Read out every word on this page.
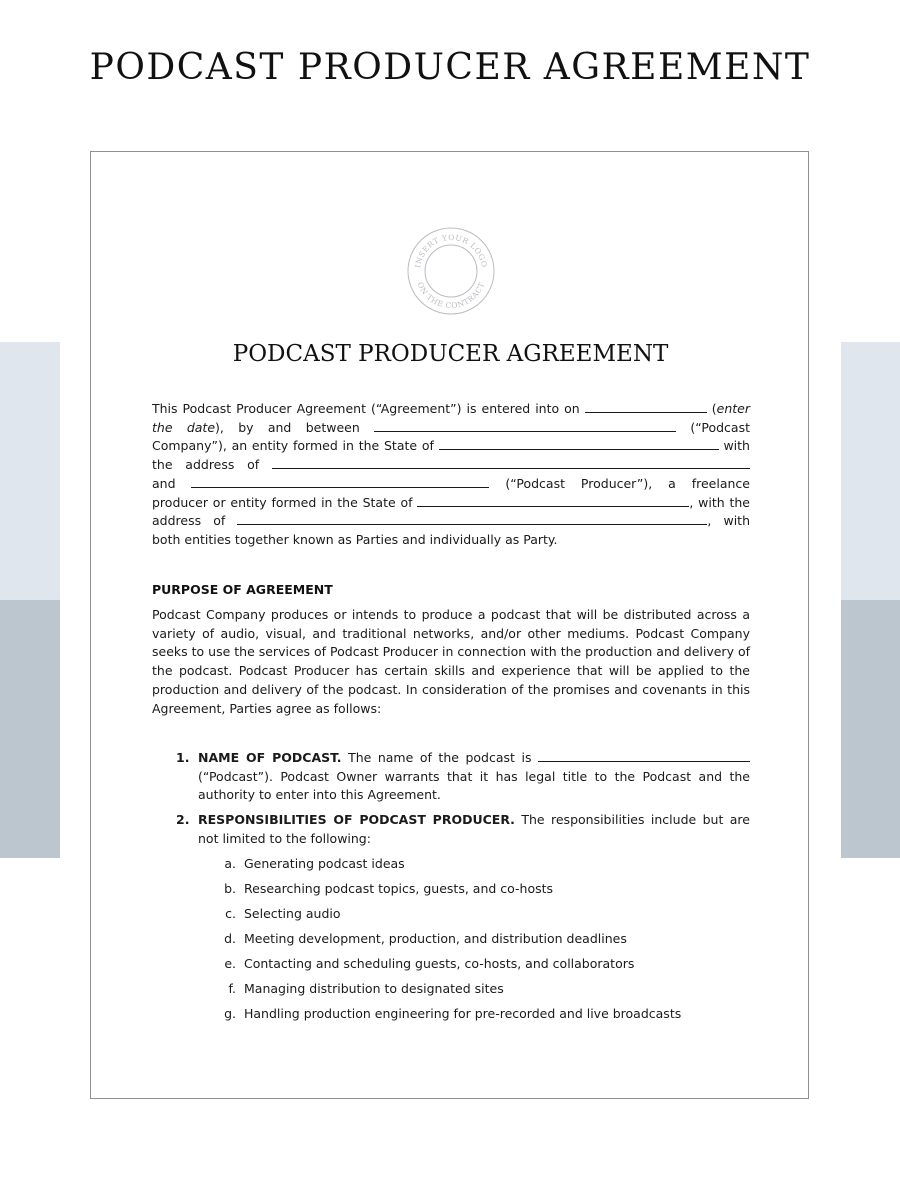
PODCAST PRODUCER AGREEMENT
INSERT YOUR LOGO
ON THE CONTRACT
PODCAST PRODUCER AGREEMENT

This Podcast Producer Agreement (“Agreement”) is entered into on	(enter the date), by and between	(“Podcast Company”), an entity formed in the State of	with the address of  and	(“Podcast Producer”), a freelance producer or entity formed in the State of	, with the address of	, with both entities together known as Parties and individually as Party.

PURPOSE OF AGREEMENT

Podcast Company produces or intends to produce a podcast that will be distributed across a variety of audio, visual, and traditional networks, and/or other mediums. Podcast Company seeks to use the services of Podcast Producer in connection with the production and delivery of the podcast. Podcast Producer has certain skills and experience that will be applied to the production and delivery of the podcast. In consideration of the promises and covenants in this Agreement, Parties agree as follows:

1. NAME OF PODCAST. The name of the podcast is  (“Podcast”). Podcast Owner warrants that it has legal title to the Podcast and the authority to enter into this Agreement.
2. RESPONSIBILITIES OF PODCAST PRODUCER. The responsibilities include but are not limited to the following:
a. Generating podcast ideas
b. Researching podcast topics, guests, and co-hosts
c. Selecting audio
d. Meeting development, production, and distribution deadlines
e. Contacting and scheduling guests, co-hosts, and collaborators
f. Managing distribution to designated sites
g. Handling production engineering for pre-recorded and live broadcasts
